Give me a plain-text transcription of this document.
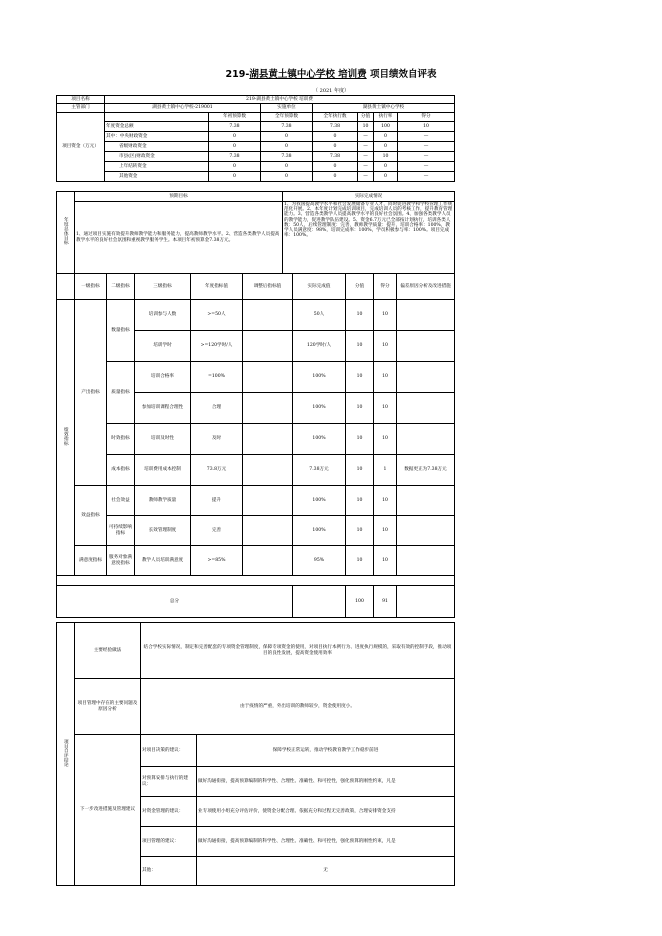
219-湖县黄土镇中心学校 培训费 项目绩效自评表
（ 2021 年度）
项目名称	219-湖县黄土镇中心学校 培训费						
主管部门	湖县黄土镇中心学校-219001		实施单位	湖县黄土镇中心学校			
项目资金（万元）		年初预算数	全年预算数	全年执行数	分值	执行率	得分
	年度资金总额	7.38	7.38	7.38	10	100	10
	其中：中央财政资金	0	0	0	—	0	—
	省级财政资金	0	0	0	—	0	—
	市县(区)财政资金	7.38	7.38	7.38	—	10	—
	上年结转资金	0	0	0	—	0	—
	其他资金	0	0	0	—	0	—
年度总体目标	预期目标	实际完成情况

	1、通过项目实施有效提升教师教学能力和服务能力，提高教师教学水平。2、营造各类教学人员提高教学水平的良好社会氛围和重视教学服务学生。本项目年初预算金7.38万元。	1、为我国提高教学水平和社会发展储备专业人才，同时促进教学和学校管理工作规范化开展。2、本年度计划完成培训项目，完成培训人员的考核工作，提升教育管理能力。3、营造各类教学人员提高教学水平的良好社会氛围。4、加强各类教学人员的教学能力，促进教学队伍建设。5、资金6.7万元已全部按计划执行，培训各类人数：50人，后续管理制度：完善，教师教学质量：提升，培训合格率：100%，教学人员满意度：98%，培训完成率：100%，学员积极参与率：100%。项目完成率：100%。
	一级指标	二级指标	三级指标	年度指标值	调整后指标值	实际完成值	分值	得分	偏差原因分析及改进措施
绩效指标	产出指标	数量指标	培训参与人数	>=50人		50人	10	10	
			培训学时	>=120学时/人		120学时/人	10	10	
		质量指标	培训合格率	=100%		100%	10	10	
			参加培训课程合理性	合理		100%	10	10	
		时效指标	培训及时性	及时		100%	10	10	
		成本指标	培训费用成本控制	73.8万元		7.38万元	10	1	数据更正为7.38万元
	效益指标	社会效益	教师教学质量	提升		100%	10	10	
		可持续影响指标	长效管理制度	完善		100%	10	10	
	满意度指标	服务对象满意度指标	教学人员培训满意度	>=85%		95%	10	10	

总分							100	91	
项目自评结论	主要经验做法	结合学校实际情况，制定和完善配套的专项资金管理制度，保障专项资金的使用，对项目执行本例行为、进度执行规模的，采取有效的控制手段，推动项目的良性发展，提高资金使用效率	
	项目管理中存在的主要问题及原因分析	由于疫情的严重，外出培训的教师较少，资金使用度小。	
	下一步改进措施及管理建议	对项目决策的建议：	保障学校正常运转，推动学校教育教学工作稳步前进
		对预算安排与执行的建议：	做好沟通衔接，提高预算编制的科学性、合理性、准确性、和可控性，强化预算的刚性约束，凡是
		对资金管理的建议：	业专项使用小组充分评估评价，使资金分配合理、依据充分和过程无完善政策，合理安排资金支持
		项目管理的建议：	做好沟通衔接，提高预算编制的科学性、合理性、准确性、和可控性，强化预算的刚性约束，凡是
		其他：	无
